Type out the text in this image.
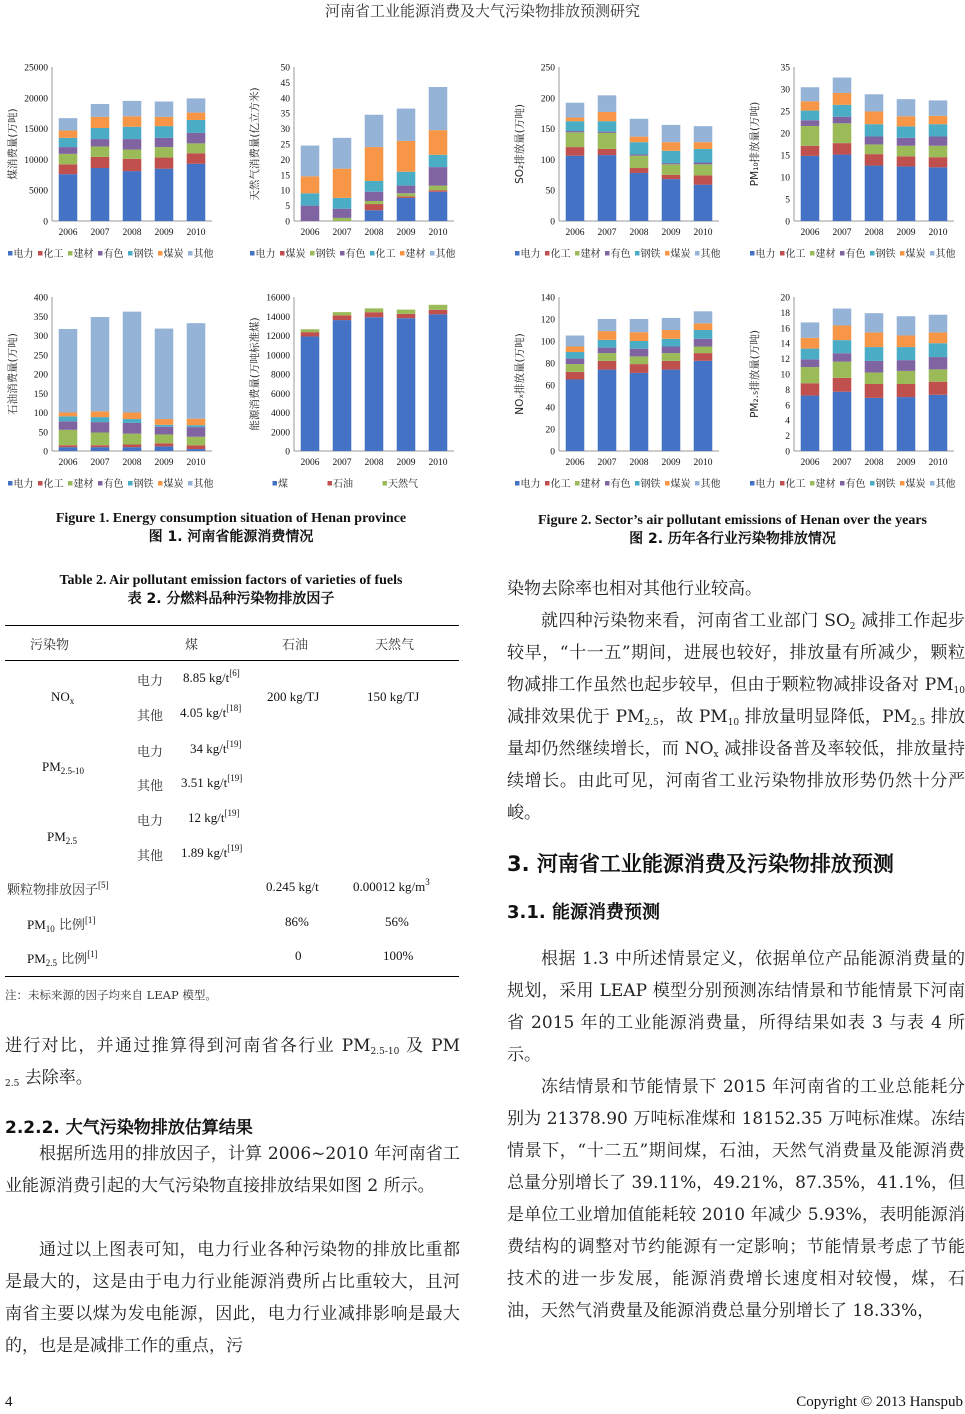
河南省工业能源消费及大气污染物排放预测研究
0
5000
10000
15000
20000
25000
煤消费量(万吨)
2006 2007 2008 2009 2010
电力 化工 建材 有色 钢铁 煤炭 其他
0
5
10
15
20
25
30
35
40
45
50
天然气消费量(亿立方米)
2006 2007 2008 2009 2010
电力 煤炭 钢铁 有色 化工 建材 其他
0
50
100
150
200
250
300
350
400
石油消费量(万吨)
2006 2007 2008 2009 2010
电力 化工 建材 有色 钢铁 煤炭 其他
0
2000
4000
6000
8000
10000
12000
14000
16000
能源消费量(万吨标准煤)
2006 2007 2008 2009 2010
煤	石油	天然气
0
50
100
150
200
250
SO₂排放量(万吨)
2006 2007 2008 2009 2010
电力 化工 建材 有色 钢铁 煤炭 其他
0
5
10
15
20
25
30
35
PM₁₀排放量(万吨)
2006 2007 2008 2009 2010
电力 化工 建材 有色 钢铁 煤炭 其他
0
20
40
60
80
100
120
140
NOₓ排放量(万吨)
2006 2007 2008 2009 2010
电力 化工 建材 有色 钢铁 煤炭 其他
0
2
4
6
8
10
12
14
16
18
20
PM₂.₅排放量(万吨)
2006 2007 2008 2009 2010
电力 化工 建材 有色 钢铁 煤炭 其他
Figure 1. Energy consumption situation of Henan province
图 1. 河南省能源消费情况
Figure 2. Sector’s air pollutant emissions of Henan over the years
图 2. 历年各行业污染物排放情况
Table 2. Air pollutant emission factors of varieties of fuels
表 2. 分燃料品种污染物排放因子
污染物	煤	石油	天然气
$NO_x$
电力 8.85 kg/t[6]
其他 4.05 kg/t[18]
200 kg/TJ	150 kg/TJ
$PM_{2.5-10}$
电力 34 kg/t[19]
其他 3.51 kg/t[19]
$PM_{2.5}$
电力 12 kg/t[19]
其他 1.89 kg/t[19]
颗粒物排放因子[5]	0.245 kg/t	0.00012 $kg/m^3$
$PM_{10}$ 比例[1]	86%	56%
$PM_{2.5}$ 比例[1]	0	100%
注：未标来源的因子均来自 LEAP 模型。

进行对比，并通过推算得到河南省各行业 $PM_{2.5-10}$ 及 PM

$_{2.5}$ 去除率。

2.2.2. 大气污染物排放估算结果

根据所选用的排放因子，计算 2006~2010 年河南省工业能源消费引起的大气污染物直接排放结果如图 2 所示。

通过以上图表可知，电力行业各种污染物的排放比重都是最大的，这是由于电力行业能源消费所占比重较大，且河南省主要以煤为发电能源，因此，电力行业减排影响是最大的，也是是减排工作的重点，污

染物去除率也相对其他行业较高。

就四种污染物来看，河南省工业部门 $SO_2$ 减排工作起步较早，“十一五”期间，进展也较好，排放量有所减少，颗粒物减排工作虽然也起步较早，但由于颗粒物减排设备对 $PM_{10}$ 减排效果优于 $PM_{2.5}$，故 $PM_{10}$ 排放量明显降低，$PM_{2.5}$ 排放量却仍然继续增长，而 $NO_x$ 减排设备普及率较低，排放量持续增长。由此可见，河南省工业污染物排放形势仍然十分严峻。

3. 河南省工业能源消费及污染物排放预测
3.1. 能源消费预测

根据 1.3 中所述情景定义，依据单位产品能源消费量的规划，采用 LEAP 模型分别预测冻结情景和节能情景下河南省 2015 年的工业能源消费量，所得结果如表 3 与表 4 所示。

冻结情景和节能情景下 2015 年河南省的工业总能耗分别为 21378.90 万吨标准煤和 18152.35 万吨标准煤。冻结情景下，“十二五”期间煤，石油，天然气消费量及能源消费总量分别增长了 39.11%，49.21%，87.35%，41.1%，但是单位工业增加值能耗较 2010 年减少 5.93%，表明能源消费结构的调整对节约能源有一定影响；节能情景考虑了节能技术的进一步发展，能源消费增长速度相对较慢，煤，石油，天然气消费量及能源消费总量分别增长了 18.33%，

4	Copyright © 2013 Hanspub
